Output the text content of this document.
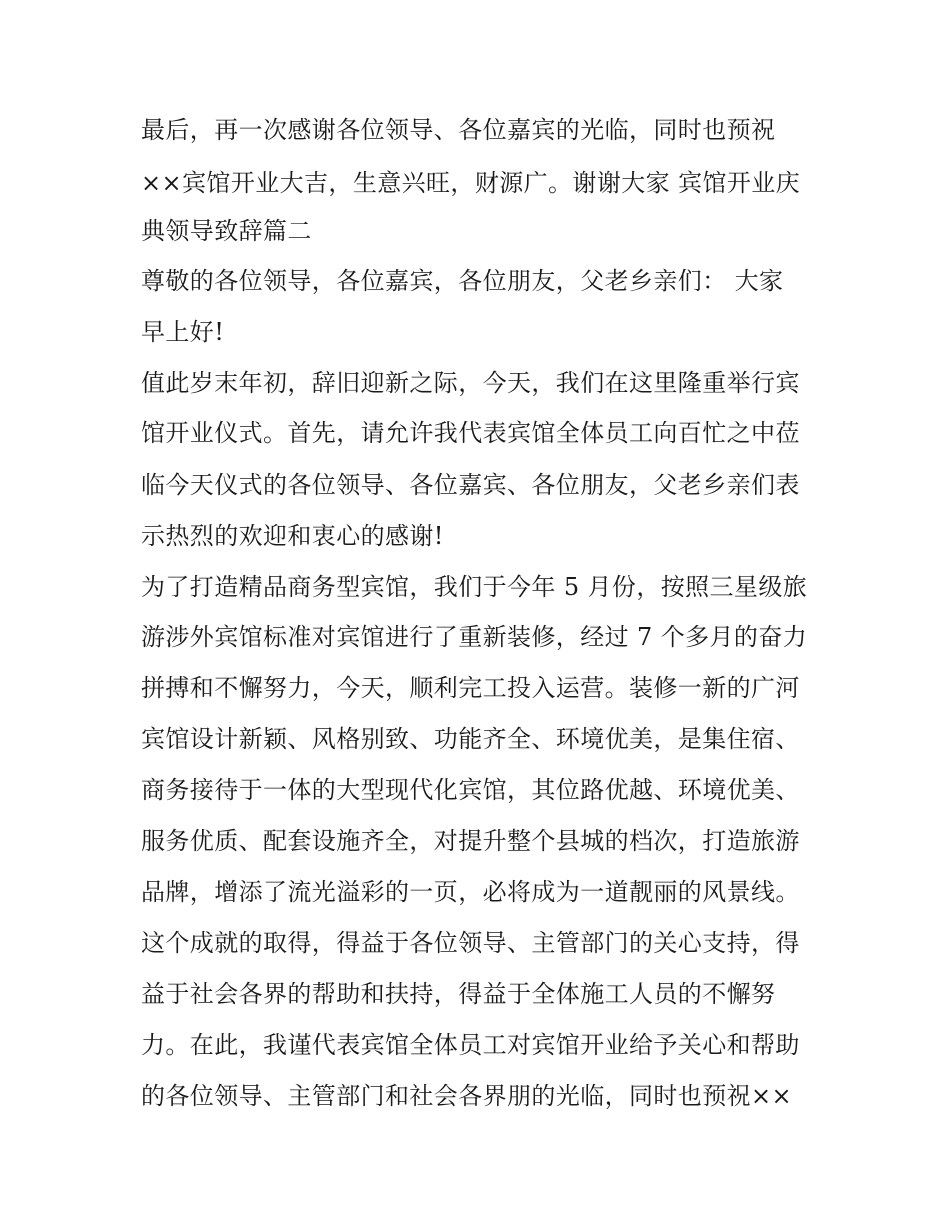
最后，再一次感谢各位领导、各位嘉宾的光临，同时也预祝
××宾馆开业大吉，生意兴旺，财源广。谢谢大家 宾馆开业庆
典领导致辞篇二
尊敬的各位领导，各位嘉宾，各位朋友，父老乡亲们： 大家
早上好!
值此岁末年初，辞旧迎新之际，今天，我们在这里隆重举行宾
馆开业仪式。首先，请允许我代表宾馆全体员工向百忙之中莅
临今天仪式的各位领导、各位嘉宾、各位朋友，父老乡亲们表
示热烈的欢迎和衷心的感谢!
为了打造精品商务型宾馆，我们于今年 5 月份，按照三星级旅
游涉外宾馆标准对宾馆进行了重新装修，经过 7 个多月的奋力
拼搏和不懈努力，今天，顺利完工投入运营。装修一新的广河
宾馆设计新颖、风格别致、功能齐全、环境优美，是集住宿、
商务接待于一体的大型现代化宾馆，其位路优越、环境优美、
服务优质、配套设施齐全，对提升整个县城的档次，打造旅游
品牌，增添了流光溢彩的一页，必将成为一道靓丽的风景线。
这个成就的取得，得益于各位领导、主管部门的关心支持，得
益于社会各界的帮助和扶持，得益于全体施工人员的不懈努
力。在此，我谨代表宾馆全体员工对宾馆开业给予关心和帮助
的各位领导、主管部门和社会各界朋的光临，同时也预祝××
